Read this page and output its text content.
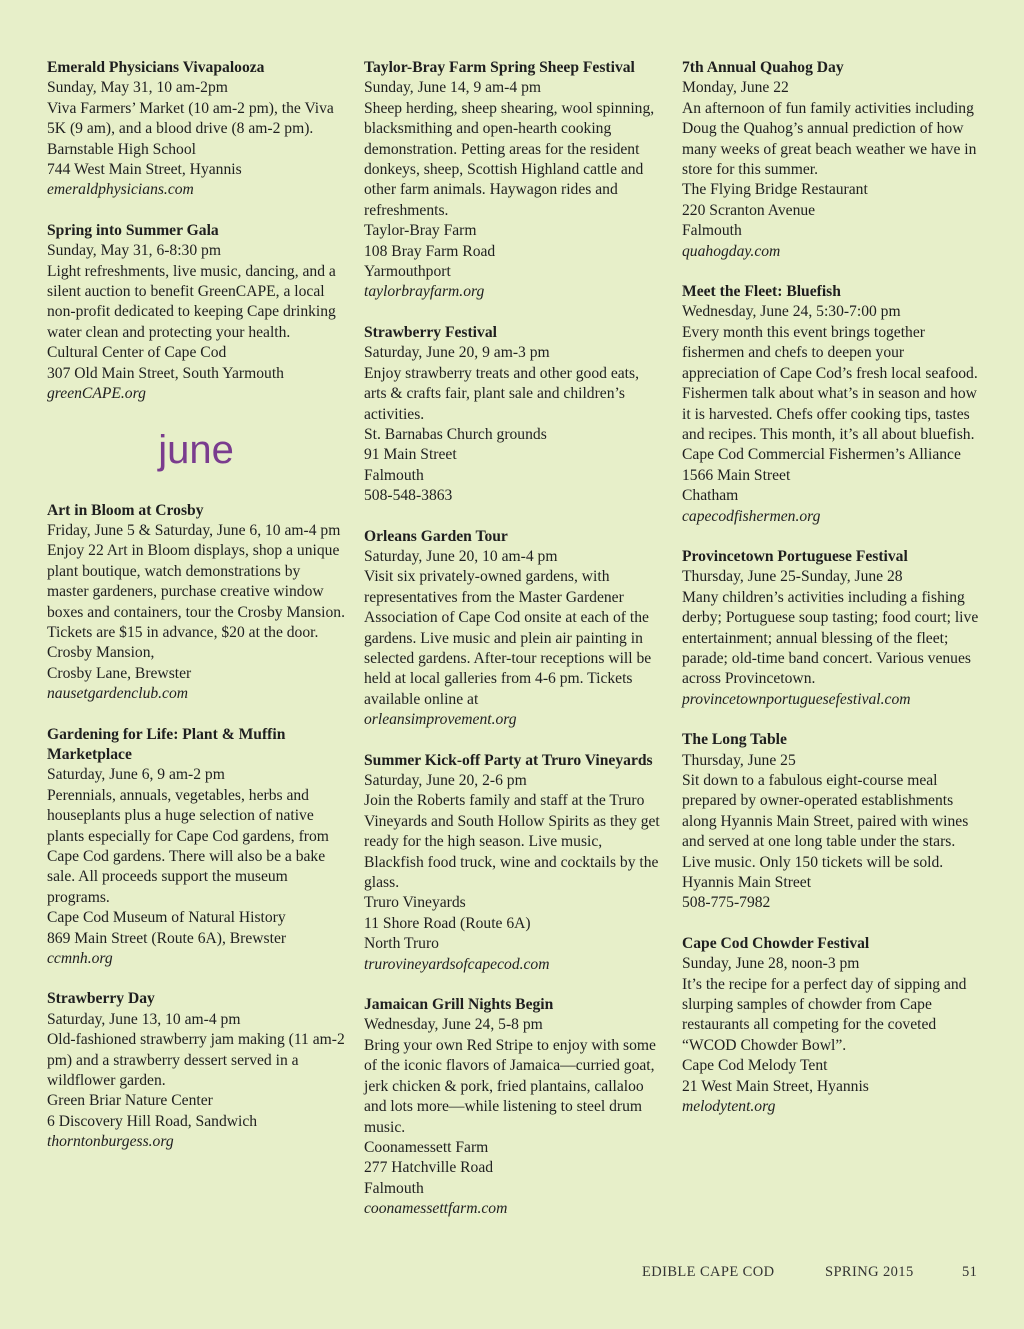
Emerald Physicians Vivapalooza
Sunday, May 31, 10 am-2pm
Viva Farmers’ Market (10 am-2 pm), the Viva 5K (9 am), and a blood drive (8 am-2 pm).
Barnstable High School
744 West Main Street, Hyannis
emeraldphysicians.com
Spring into Summer Gala
Sunday, May 31, 6-8:30 pm
Light refreshments, live music, dancing, and a silent auction to benefit GreenCAPE, a local non-profit dedicated to keeping Cape drinking water clean and protecting your health.
Cultural Center of Cape Cod
307 Old Main Street, South Yarmouth
greenCAPE.org
june
Art in Bloom at Crosby
Friday, June 5 & Saturday, June 6, 10 am-4 pm
Enjoy 22 Art in Bloom displays, shop a unique plant boutique, watch demonstrations by master gardeners, purchase creative window boxes and containers, tour the Crosby Mansion. Tickets are $15 in advance, $20 at the door.
Crosby Mansion,
Crosby Lane, Brewster
nausetgardenclub.com
Gardening for Life: Plant & Muffin Marketplace
Saturday, June 6, 9 am-2 pm
Perennials, annuals, vegetables, herbs and houseplants plus a huge selection of native plants especially for Cape Cod gardens, from Cape Cod gardens. There will also be a bake sale. All proceeds support the museum programs.
Cape Cod Museum of Natural History
869 Main Street (Route 6A), Brewster
ccmnh.org
Strawberry Day
Saturday, June 13, 10 am-4 pm
Old-fashioned strawberry jam making (11 am-2 pm) and a strawberry dessert served in a wildflower garden.
Green Briar Nature Center
6 Discovery Hill Road, Sandwich
thorntonburgess.org
Taylor-Bray Farm Spring Sheep Festival
Sunday, June 14, 9 am-4 pm
Sheep herding, sheep shearing, wool spinning, blacksmithing and open-hearth cooking demonstration. Petting areas for the resident donkeys, sheep, Scottish Highland cattle and other farm animals. Haywagon rides and refreshments.
Taylor-Bray Farm
108 Bray Farm Road
Yarmouthport
taylorbrayfarm.org
Strawberry Festival
Saturday, June 20, 9 am-3 pm
Enjoy strawberry treats and other good eats, arts & crafts fair, plant sale and children’s activities.
St. Barnabas Church grounds
91 Main Street
Falmouth
508-548-3863
Orleans Garden Tour
Saturday, June 20, 10 am-4 pm
Visit six privately-owned gardens, with representatives from the Master Gardener Association of Cape Cod onsite at each of the gardens. Live music and plein air painting in selected gardens. After-tour receptions will be held at local galleries from 4-6 pm. Tickets available online at
orleansimprovement.org
Summer Kick-off Party at Truro Vineyards
Saturday, June 20, 2-6 pm
Join the Roberts family and staff at the Truro Vineyards and South Hollow Spirits as they get ready for the high season. Live music, Blackfish food truck, wine and cocktails by the glass.
Truro Vineyards
11 Shore Road (Route 6A)
North Truro
trurovineyardsofcapecod.com
Jamaican Grill Nights Begin
Wednesday, June 24, 5-8 pm
Bring your own Red Stripe to enjoy with some of the iconic flavors of Jamaica—curried goat, jerk chicken & pork, fried plantains, callaloo and lots more—while listening to steel drum music.
Coonamessett Farm
277 Hatchville Road
Falmouth
coonamessettfarm.com
7th Annual Quahog Day
Monday, June 22
An afternoon of fun family activities including Doug the Quahog’s annual prediction of how many weeks of great beach weather we have in store for this summer.
The Flying Bridge Restaurant
220 Scranton Avenue
Falmouth
quahogday.com
Meet the Fleet: Bluefish
Wednesday, June 24, 5:30-7:00 pm
Every month this event brings together fishermen and chefs to deepen your appreciation of Cape Cod’s fresh local seafood. Fishermen talk about what’s in season and how it is harvested. Chefs offer cooking tips, tastes and recipes. This month, it’s all about bluefish.
Cape Cod Commercial Fishermen’s Alliance
1566 Main Street
Chatham
capecodfishermen.org
Provincetown Portuguese Festival
Thursday, June 25-Sunday, June 28
Many children’s activities including a fishing derby; Portuguese soup tasting; food court; live entertainment; annual blessing of the fleet; parade; old-time band concert. Various venues across Provincetown.
provincetownportuguesefestival.com
The Long Table
Thursday, June 25
Sit down to a fabulous eight-course meal prepared by owner-operated establishments along Hyannis Main Street, paired with wines and served at one long table under the stars. Live music. Only 150 tickets will be sold.
Hyannis Main Street
508-775-7982
Cape Cod Chowder Festival
Sunday, June 28, noon-3 pm
It’s the recipe for a perfect day of sipping and slurping samples of chowder from Cape restaurants all competing for the coveted “WCOD Chowder Bowl”.
Cape Cod Melody Tent
21 West Main Street, Hyannis
melodytent.org
EDIBLE CAPE COD	SPRING 2015	51
